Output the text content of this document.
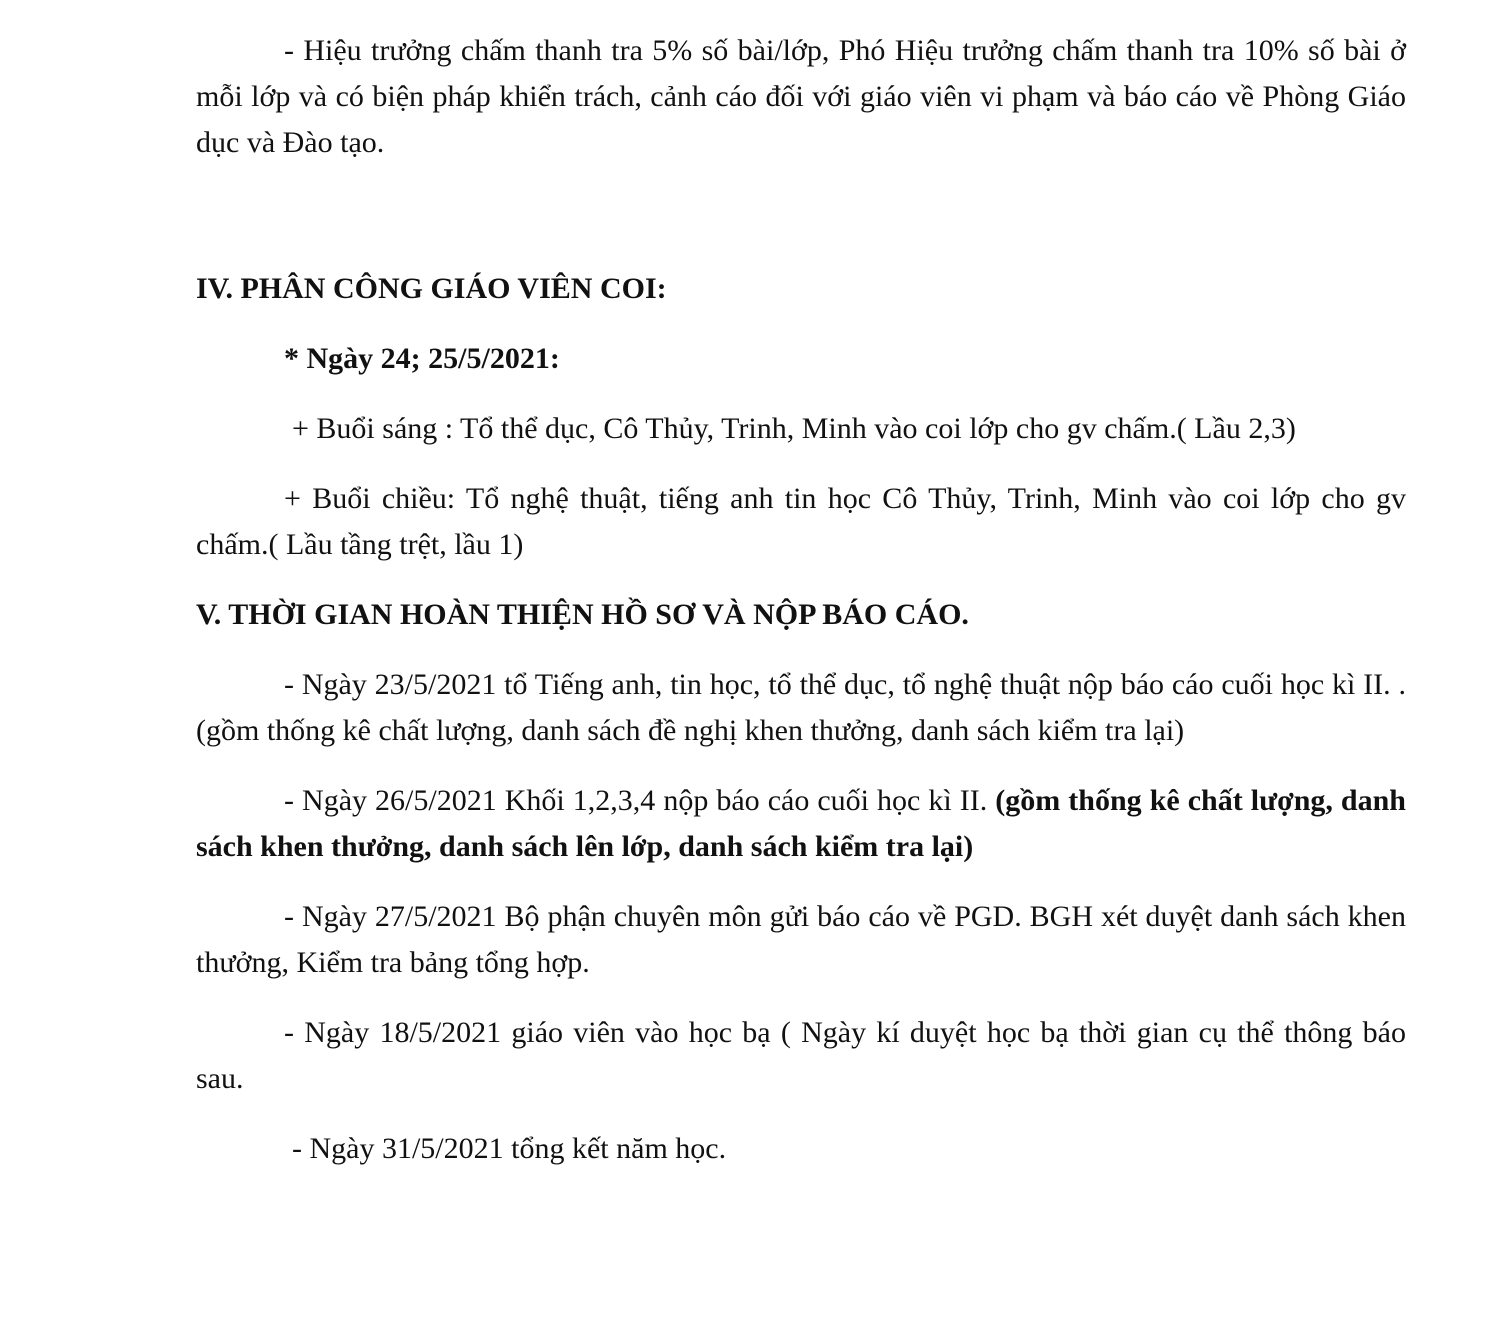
- Hiệu trưởng chấm thanh tra 5% số bài/lớp, Phó Hiệu trưởng chấm thanh tra 10% số bài ở mỗi lớp và có biện pháp khiển trách, cảnh cáo đối với giáo viên vi phạm và báo cáo về Phòng Giáo dục và Đào tạo.

IV. PHÂN CÔNG GIÁO VIÊN COI:

* Ngày 24; 25/5/2021:

+ Buổi sáng : Tổ thể dục, Cô Thủy, Trinh, Minh vào coi lớp cho gv chấm.( Lầu 2,3)

+ Buổi chiều: Tổ nghệ thuật, tiếng anh tin học Cô Thủy, Trinh, Minh vào coi lớp cho gv chấm.( Lầu tầng trệt, lầu 1)

V. THỜI GIAN HOÀN THIỆN HỒ SƠ VÀ NỘP BÁO CÁO.

- Ngày 23/5/2021 tổ Tiếng anh, tin học, tổ thể dục, tổ nghệ thuật nộp báo cáo cuối học kì II. .(gồm thống kê chất lượng, danh sách đề nghị khen thưởng, danh sách kiểm tra lại)

- Ngày 26/5/2021 Khối 1,2,3,4 nộp báo cáo cuối học kì II. (gồm thống kê chất lượng, danh sách khen thưởng, danh sách lên lớp, danh sách kiểm tra lại)

- Ngày 27/5/2021 Bộ phận chuyên môn gửi báo cáo về PGD. BGH xét duyệt danh sách khen thưởng, Kiểm tra bảng tổng hợp.

- Ngày 18/5/2021 giáo viên vào học bạ ( Ngày kí duyệt học bạ thời gian cụ thể thông báo sau.

- Ngày 31/5/2021 tổng kết năm học.
